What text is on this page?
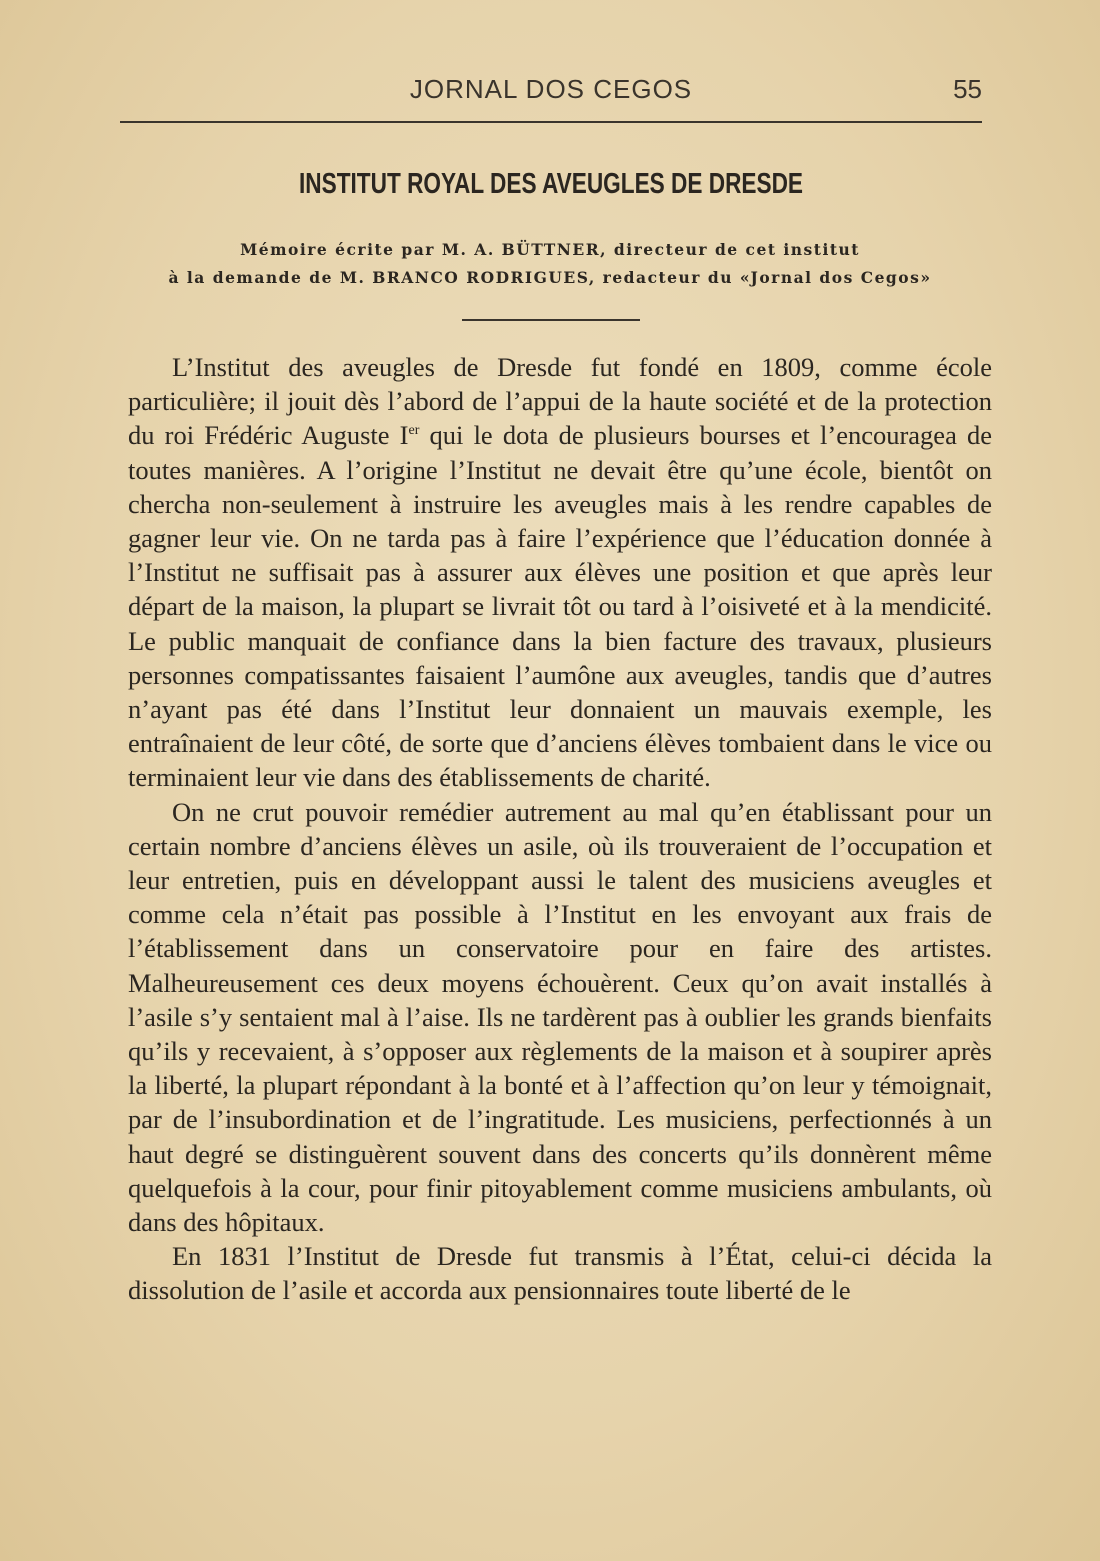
JORNAL DOS CEGOS	55
INSTITUT ROYAL DES AVEUGLES DE DRESDE
Mémoire écrite par M. A. BÜTTNER, directeur de cet institut
à la demande de M. BRANCO RODRIGUES, redacteur du «Jornal dos Cegos»

L’Institut des aveugles de Dresde fut fondé en 1809, comme école particulière; il jouit dès l’abord de l’appui de la haute société et de la protection du roi Frédéric Auguste Ier qui le dota de plusieurs bourses et l’encouragea de toutes manières. A l’origine l’Institut ne devait être qu’une école, bientôt on chercha non-seulement à instruire les aveugles mais à les rendre capables de gagner leur vie. On ne tarda pas à faire l’expérience que l’éducation donnée à l’Institut ne suffisait pas à assurer aux élèves une position et que après leur départ de la maison, la plupart se livrait tôt ou tard à l’oisiveté et à la mendicité. Le public manquait de confiance dans la bien facture des travaux, plusieurs personnes compatissantes faisaient l’aumône aux aveugles, tandis que d’autres n’ayant pas été dans l’Institut leur donnaient un mauvais exemple, les entraînaient de leur côté, de sorte que d’anciens élèves tombaient dans le vice ou terminaient leur vie dans des établissements de charité.

On ne crut pouvoir remédier autrement au mal qu’en établissant pour un certain nombre d’anciens élèves un asile, où ils trouveraient de l’occupation et leur entretien, puis en développant aussi le talent des musiciens aveugles et comme cela n’était pas possible à l’Institut en les envoyant aux frais de l’établissement dans un conservatoire pour en faire des artistes. Malheureusement ces deux moyens échouèrent. Ceux qu’on avait installés à l’asile s’y sentaient mal à l’aise. Ils ne tardèrent pas à oublier les grands bienfaits qu’ils y recevaient, à s’opposer aux règlements de la maison et à soupirer après la liberté, la plupart répondant à la bonté et à l’affection qu’on leur y témoignait, par de l’insubordination et de l’ingratitude. Les musiciens, perfectionnés à un haut degré se distinguèrent souvent dans des concerts qu’ils donnèrent même quelquefois à la cour, pour finir pitoyablement comme musiciens ambulants, où dans des hôpitaux.

En 1831 l’Institut de Dresde fut transmis à l’État, celui-ci décida la dissolution de l’asile et accorda aux pensionnaires toute liberté de le
